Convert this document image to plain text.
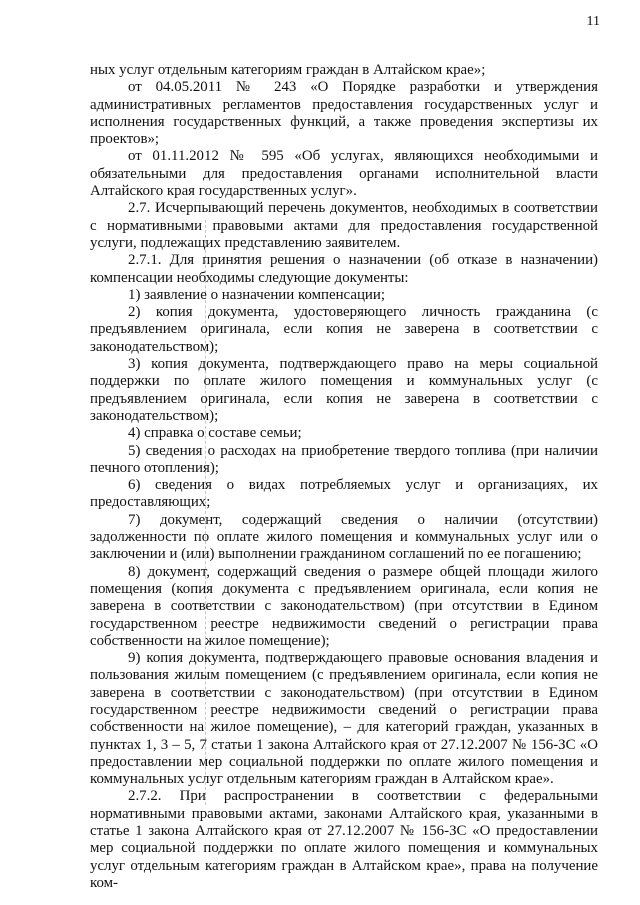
11

ных услуг отдельным категориям граждан в Алтайском крае»;

от 04.05.2011 № 243 «О Порядке разработки и утверждения административных регламентов предоставления государственных услуг и исполнения государственных функций, а также проведения экспертизы их проектов»;

от 01.11.2012 № 595 «Об услугах, являющихся необходимыми и обязательными для предоставления органами исполнительной власти Алтайского края государственных услуг».

2.7. Исчерпывающий перечень документов, необходимых в соответствии с нормативными правовыми актами для предоставления государственной услуги, подлежащих представлению заявителем.

2.7.1. Для принятия решения о назначении (об отказе в назначении) компенсации необходимы следующие документы:

1) заявление о назначении компенсации;

2) копия документа, удостоверяющего личность гражданина (с предъявлением оригинала, если копия не заверена в соответствии с законодательством);

3) копия документа, подтверждающего право на меры социальной поддержки по оплате жилого помещения и коммунальных услуг (с предъявлением оригинала, если копия не заверена в соответствии с законодательством);

4) справка о составе семьи;

5) сведения о расходах на приобретение твердого топлива (при наличии печного отопления);

6) сведения о видах потребляемых услуг и организациях, их предоставляющих;

7) документ, содержащий сведения о наличии (отсутствии) задолженности по оплате жилого помещения и коммунальных услуг или о заключении и (или) выполнении гражданином соглашений по ее погашению;

8) документ, содержащий сведения о размере общей площади жилого помещения (копия документа с предъявлением оригинала, если копия не заверена в соответствии с законодательством) (при отсутствии в Едином государственном реестре недвижимости сведений о регистрации права собственности на жилое помещение);

9) копия документа, подтверждающего правовые основания владения и пользования жилым помещением (с предъявлением оригинала, если копия не заверена в соответствии с законодательством) (при отсутствии в Едином государственном реестре недвижимости сведений о регистрации права собственности на жилое помещение), – для категорий граждан, указанных в пунктах 1, 3 – 5, 7 статьи 1 закона Алтайского края от 27.12.2007 № 156-ЗС «О предоставлении мер социальной поддержки по оплате жилого помещения и коммунальных услуг отдельным категориям граждан в Алтайском крае».

2.7.2. При распространении в соответствии с федеральными нормативными правовыми актами, законами Алтайского края, указанными в статье 1 закона Алтайского края от 27.12.2007 № 156-ЗС «О предоставлении мер социальной поддержки по оплате жилого помещения и коммунальных услуг отдельным категориям граждан в Алтайском крае», права на получение ком-
